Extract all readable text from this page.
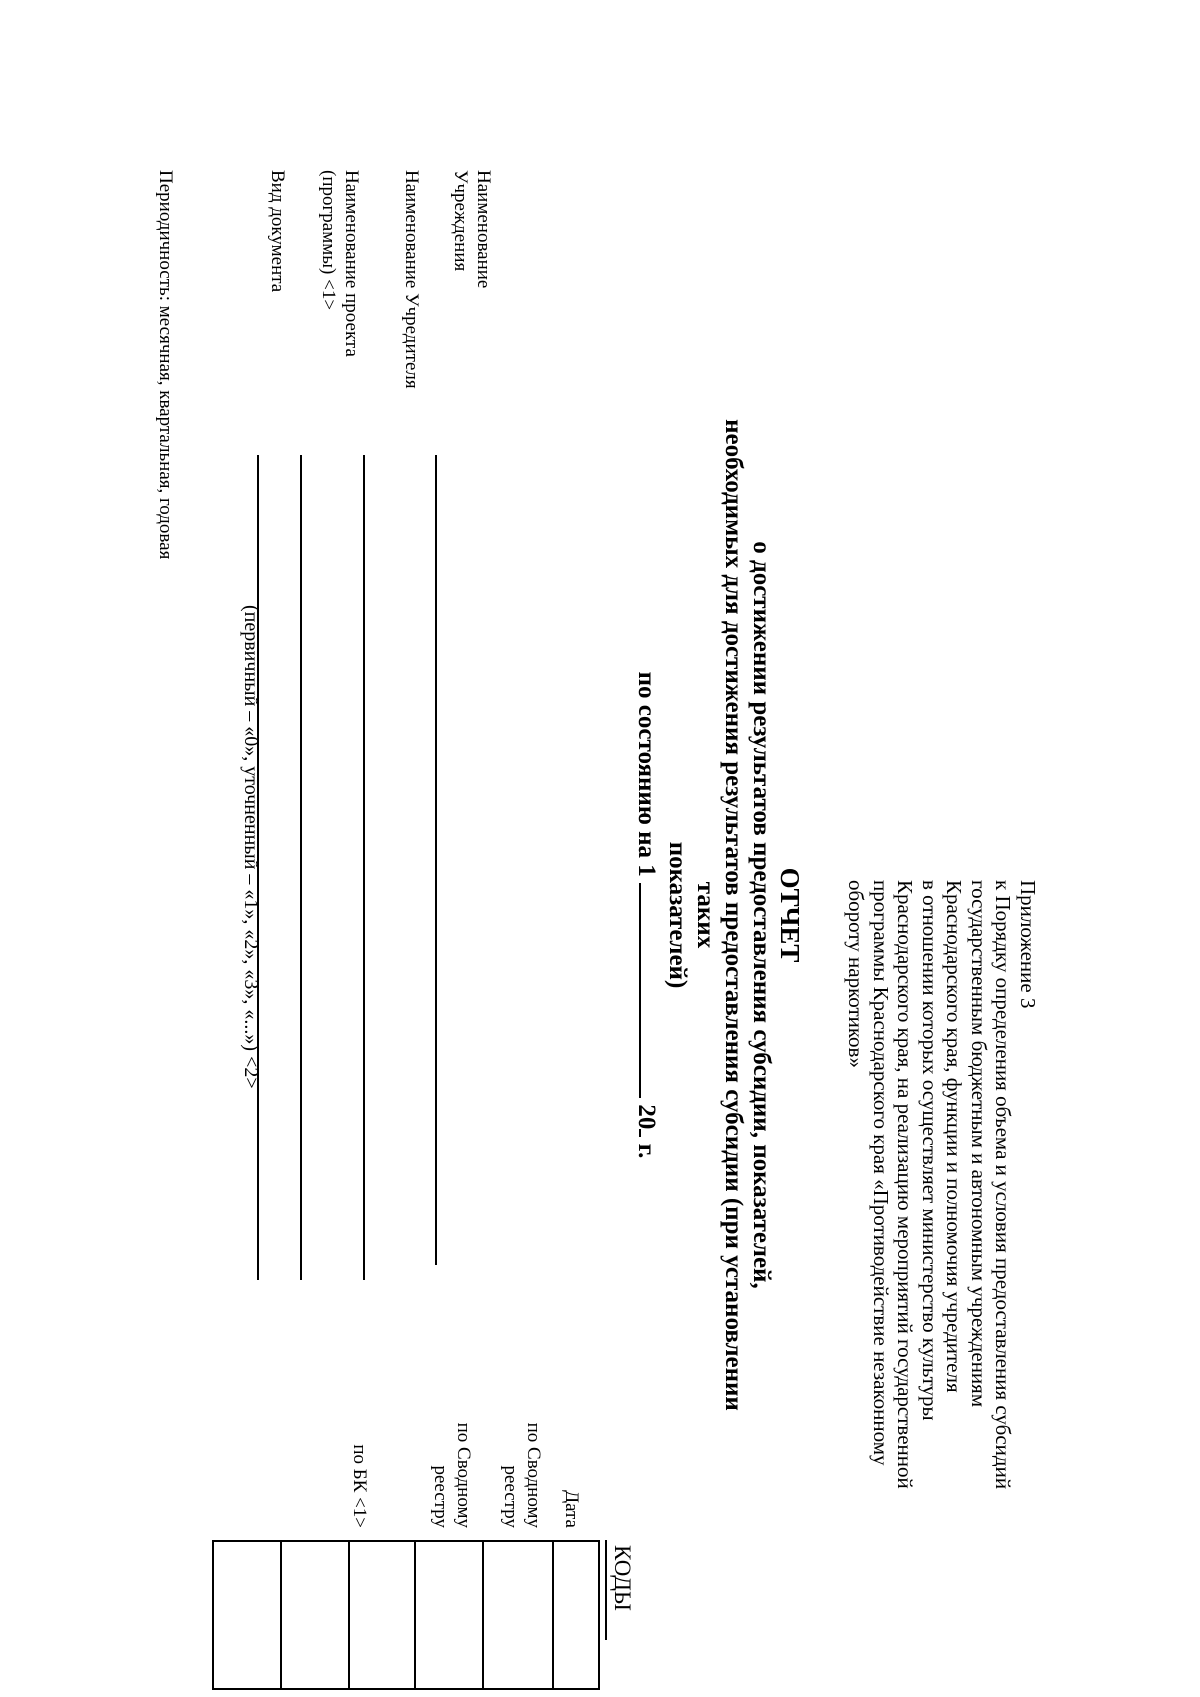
Приложение 3
к Порядку определения объема и условия предоставления субсидий
государственным бюджетным и автономным учреждениям
Краснодарского края, функции и полномочия учредителя
в отношении которых осуществляет министерство культуры
Краснодарского края, на реализацию мероприятий государственной
программы Краснодарского края «Противодействие незаконному
обороту наркотиков»
ОТЧЕТ
о достижении результатов предоставления субсидии, показателей,
необходимых для достижения результатов предоставления субсидии (при установлении таких
показателей)
по состоянию на 1  20 г.
Наименование Учреждения
Наименование Учредителя
Наименование проекта (программы) <1>
Вид документа
Периодичность: месячная, квартальная, годовая
(первичный – «0», уточненный – «1», «2», «3», «...») <2>
Дата
по Сводному реестру
по Сводному реестру
по БК <1>
КОДЫ
